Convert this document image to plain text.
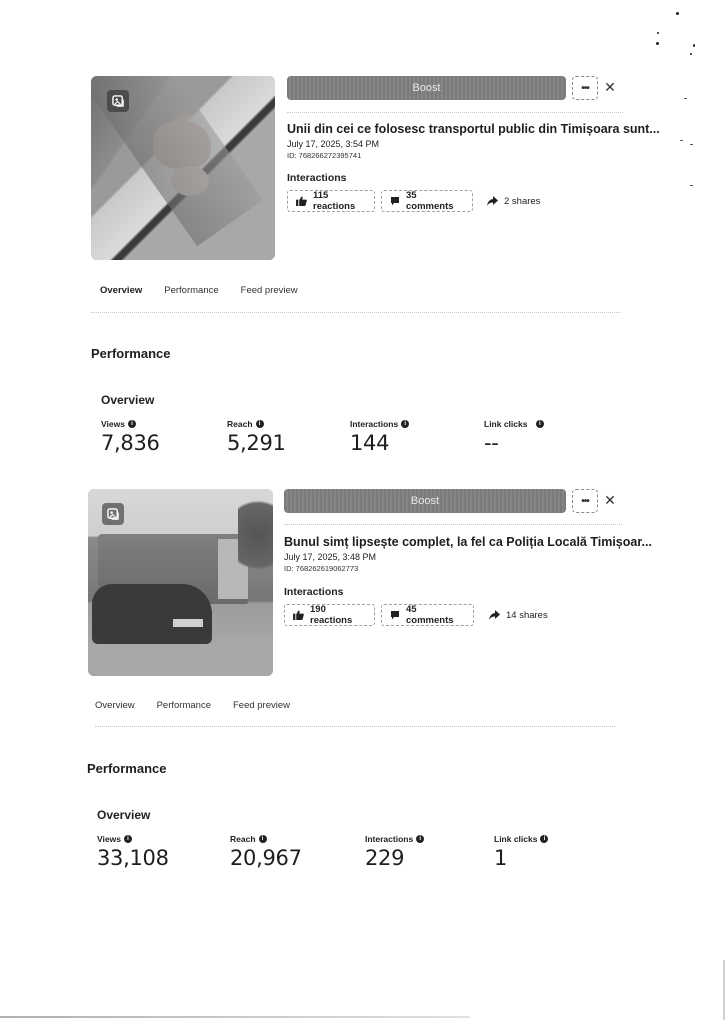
Boost	•••	✕
Unii din cei ce folosesc transportul public din Timișoara sunt...
July 17, 2025, 3:54 PM
ID: 768266272395741
Interactions
115 reactions
35 comments	2 shares
Overview Performance Feed preview
Performance
Overview
Views	i
7,836
Reach	i
5,291
Interactions	i
144
Link clicks
	i
--
Boost	•••	✕
Bunul simț lipsește complet, la fel ca Poliția Locală Timișoar...
July 17, 2025, 3:48 PM
ID: 768262619062773
Interactions
190 reactions
45 comments	14 shares
Overview Performance Feed preview
Performance
Overview
Views	i
33,108
Reach	i
20,967
Interactions	i
229
Link clicks	i
1
